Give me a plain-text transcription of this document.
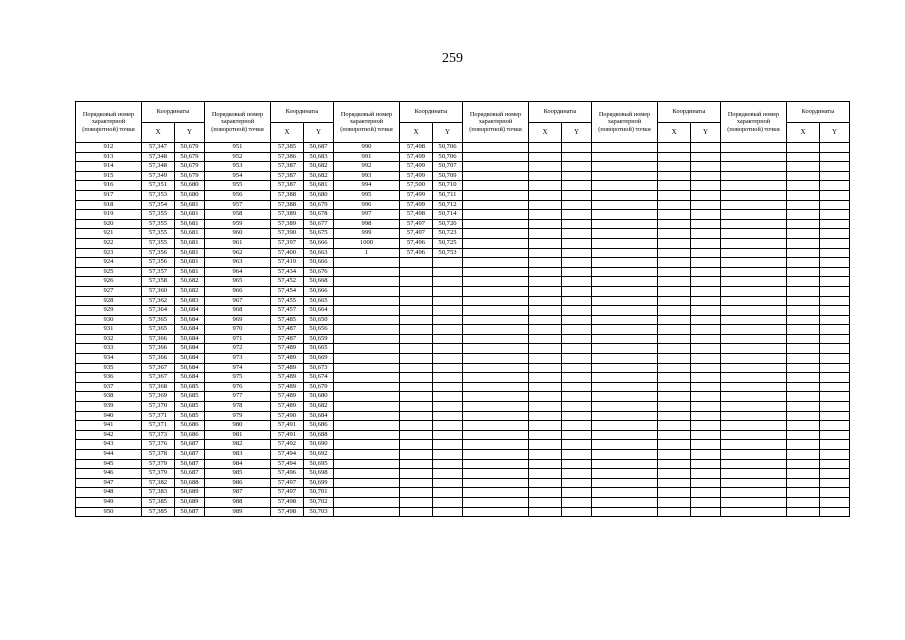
259
Порядковый номер характерной (поворотной) точки	Координаты		Порядковый номер характерной (поворотной) точки	Координаты		Порядковый номер характерной (поворотной) точки	Координаты		Порядковый номер характерной (поворотной) точки	Координаты		Порядковый номер характерной (поворотной) точки	Координаты		Порядковый номер характерной (поворотной) точки	Координаты	
	X	Y		X	Y		X	Y		X	Y		X	Y		X	Y
912	57,347	50,679	951	57,385	50,687	990	57,498	50,706									
913	57,348	50,679	952	57,386	50,683	991	57,499	50,706									
914	57,348	50,679	953	57,387	50,682	992	57,499	50,707									
915	57,349	50,679	954	57,387	50,682	993	57,499	50,709									
916	57,351	50,680	955	57,387	50,681	994	57,500	50,710									
917	57,353	50,680	956	57,388	50,680	995	57,499	50,711									
918	57,354	50,681	957	57,388	50,679	996	57,499	50,712									
919	57,355	50,681	958	57,389	50,678	997	57,498	50,714									
920	57,355	50,681	959	57,389	50,677	998	57,497	50,720									
921	57,355	50,681	960	57,390	50,675	999	57,497	50,723									
922	57,355	50,681	961	57,397	50,666	1000	57,496	50,725									
923	57,356	50,681	962	57,400	50,663	1	57,496	50,753									
924	57,356	50,681	963	57,419	50,666												
925	57,357	50,681	964	57,434	50,676												
926	57,358	50,682	965	57,452	50,668												
927	57,360	50,682	966	57,454	50,666												
928	57,362	50,683	967	57,455	50,665												
929	57,364	50,684	968	57,457	50,664												
930	57,365	50,684	969	57,485	50,650												
931	57,365	50,684	970	57,487	50,656												
932	57,366	50,684	971	57,487	50,659												
933	57,366	50,684	972	57,489	50,665												
934	57,366	50,684	973	57,489	50,669												
935	57,367	50,684	974	57,489	50,673												
936	57,367	50,684	975	57,489	50,674												
937	57,368	50,685	976	57,489	50,679												
938	57,369	50,685	977	57,489	50,680												
939	57,370	50,685	978	57,489	50,682												
940	57,371	50,685	979	57,490	50,684												
941	57,371	50,686	980	57,491	50,686												
942	57,373	50,686	981	57,491	50,688												
943	57,376	50,687	982	57,492	50,690												
944	57,378	50,687	983	57,494	50,692												
945	57,379	50,687	984	57,494	50,695												
946	57,379	50,687	985	57,496	50,698												
947	57,382	50,688	986	57,497	50,699												
948	57,383	50,689	987	57,497	50,701												
949	57,385	50,689	988	57,498	50,702												
950	57,385	50,687	989	57,498	50,703												
